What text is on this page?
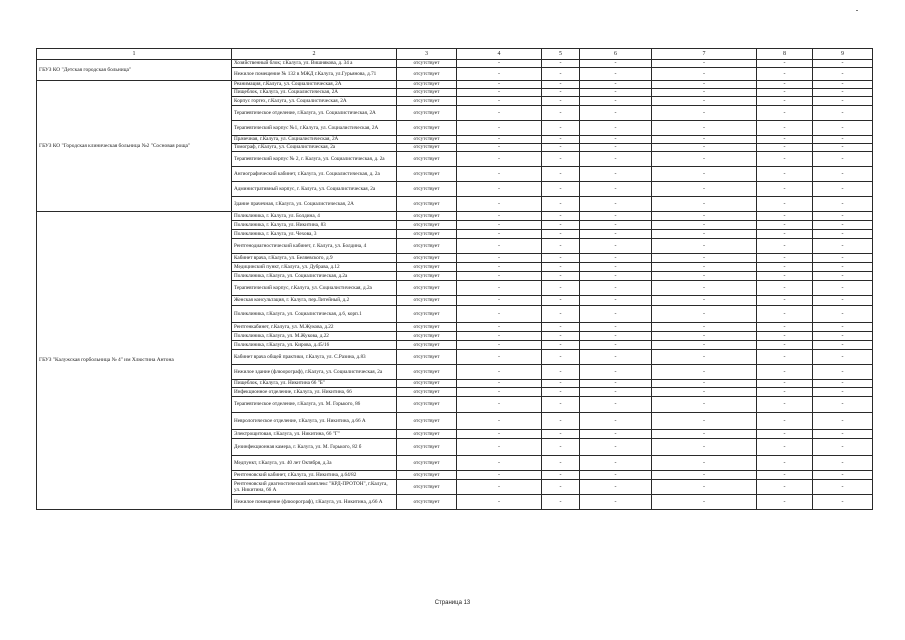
1	2	3	4	5	6	7	8	9
ГБУЗ КО "Детская городская больница"	Хозяйственный блок; г.Калуга, ул. Вишнякова, д. 34 а	отсутствует	-	-	-	-	-	-
	Нежилое помещение № 132 в МЖД г.Калуга, ул.Гурьянова, д.71	отсутствует	-	-	-	-	-	-
ГБУЗ КО "Городская клиническая больница №2 "Сосновая роща"	Реанимация, г.Калуга, ул. Социалистическая, 2А	отсутствует	-	-	-	-	-	-
	Пищеблок, г.Калуга, ул. Социалистическая, 2А	отсутствует	-	-	-	-	-	-
	Корпус гортех, г.Калуга, ул. Социалистическая, 2А	отсутствует	-	-	-	-	-	-
	Терапевтическое отделение, г.Калуга, ул. Социалистическая, 2А	отсутствует	-	-	-	-	-	-
	Терапевтический корпус №1, г.Калуга, ул. Социалистическая, 2А	отсутствует	-	-	-	-	-	-
	Прачечная, г.Калуга, ул. Социалистическая, 2А	отсутствует	-	-	-	-	-	-
	Томограф, г.Калуга, ул. Социалистическая, 2а	отсутствует	-	-	-	-	-	-
	Терапевтический корпус № 2, г. Калуга, ул. Социалистическая, д. 2а	отсутствует	-	-	-	-	-	-
	Ангиографический кабинет, г.Калуга, ул. Социалистическая, д. 2а	отсутствует	-	-	-	-	-	-
	Административный корпус, г. Калуга, ул. Социалистическая, 2а	отсутствует	-	-	-	-	-	-
	Здание прачечная, г.Калуга, ул. Социалистическая, 2А	отсутствует	-	-	-	-	-	-
ГБУЗ "Калужская горбольница № 4" им Хлюстина Антона	Поликлиника, г. Калуга, ул. Болдина, 4	отсутствует	-	-	-	-	-	-
	Поликлиника, г. Калуга, ул. Никитина, 83	отсутствует	-	-	-	-	-	-
	Поликлиника, г. Калуга, ул. Чехова, 3	отсутствует	-	-	-	-	-	-
	Рентгенодиагностический кабинет, г. Калуга, ул. Болдина, 4	отсутствует	-	-	-	-	-	-
	Кабинет врача, г.Калуга, ул. Беляевского, д.9	отсутствует	-	-	-	-	-	-
	Медицинский пункт, г.Калуга, ул. Дубрава, д.12	отсутствует	-	-	-	-	-	-
	Поликлиника, г.Калуга, ул. Социалистическая, д.2а	отсутствует	-	-	-	-	-	-
	Терапевтический корпус, г.Калуга, ул. Социалистическая, д.2а	отсутствует	-	-	-	-	-	-
	Женская консультация, г. Калуга, пер.Литейный, д.2	отсутствует	-	-	-	-	-	-
	Поликлиника, г.Калуга, ул. Социалистическая, д.6, корп.1	отсутствует	-	-	-	-	-	-
	Рентгенкабинет, г.Калуга, ул. М.Жукова, д.22	отсутствует	-	-	-	-	-	-
	Поликлиника, г.Калуга, ул. М.Жукова, д.22	отсутствует	-	-	-	-	-	-
	Поликлиника, г.Калуга, ул. Кирова, д.45/16	отсутствует	-	-	-	-	-	-
	Кабинет врача общей практики, г.Калуга, ул. С.Разина, д.83	отсутствует	-	-	-	-	-	-
	Нежилое здание (флюорограф), г.Калуга, ул. Социалистическая, 2а	отсутствует	-	-	-	-	-	-
	Пищеблок, г.Калуга, ул. Никитина 66 "Б"	отсутствует	-	-	-	-	-	-
	Инфекционное отделение, г.Калуга, ул. Никитина, 66	отсутствует	-	-	-	-	-	-
	Терапевтическое отделение, г.Калуга, ул. М. Горького, 86	отсутствует	-	-	-	-	-	-
	Неврологическое отделение, г.Калуга, ул. Никитина, д.66 А	отсутствует	-	-	-	-	-	-
	Электрощитовая, г.Калуга, ул. Никитина, 66 "Г"	отсутствует	-	-	-	-	-	-
	Дезинфекционная камера, г. Калуга, ул. М. Горького, 82 б	отсутствует	-	-	-	-	-	-
	Медпункт, г.Калуга, ул. 40 лет Октября, д.3а	отсутствует	-	-	-	-	-	-
	Рентгеновский кабинет, г.Калуга, ул. Никитина, д.64/82	отсутствует	-	-	-	-	-	-
	Рентгеновский диагностический комплекс "КРД-ПРОТОН", г.Калуга, ул. Никитина, 66 А	отсутствует	-	-	-	-	-	-
	Нежилое помещение (флюорограф), г.Калуга, ул. Никитина, д.66 А	отсутствует	-	-	-	-	-	-
Страница 13
